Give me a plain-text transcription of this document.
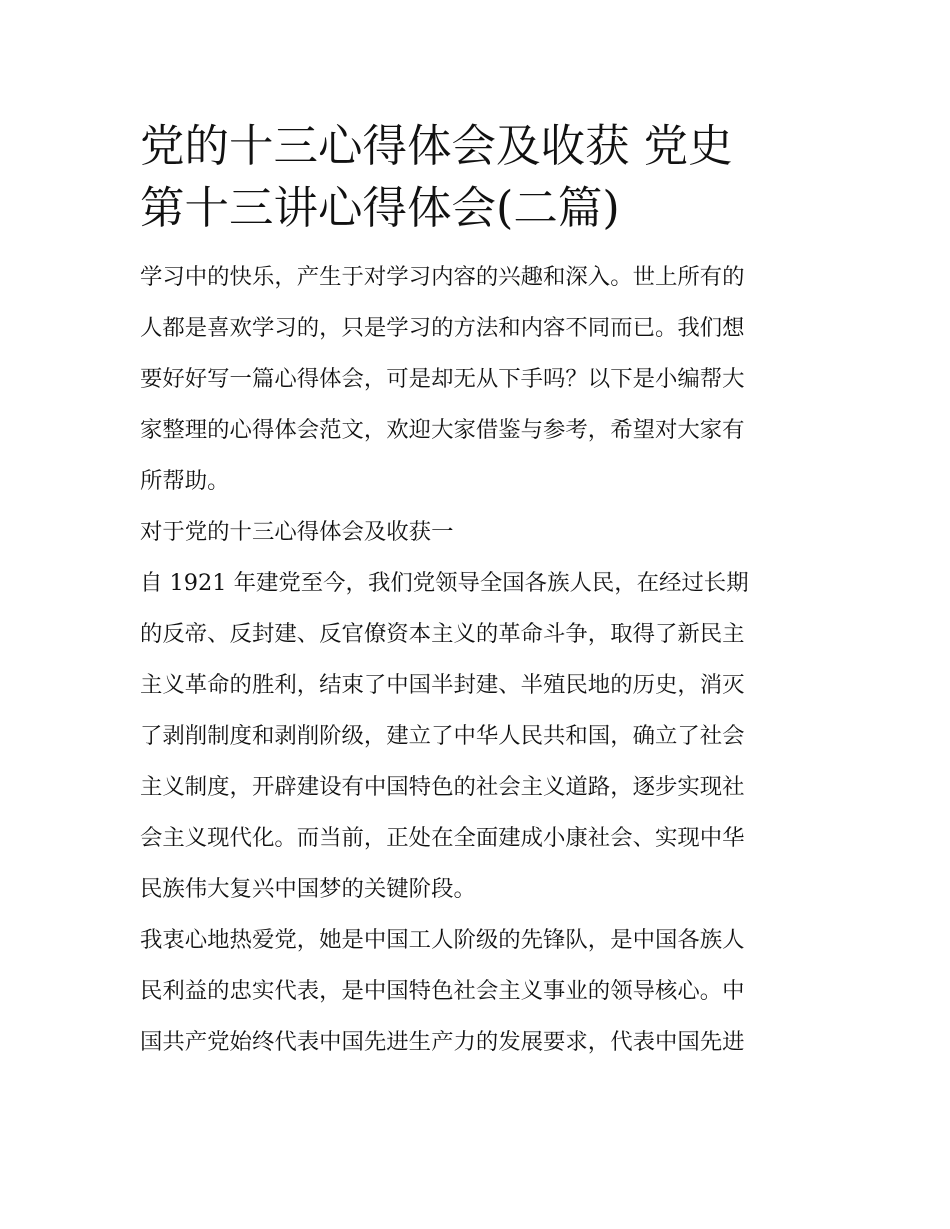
党的十三心得体会及收获 党史
第十三讲心得体会(二篇)

学习中的快乐，产生于对学习内容的兴趣和深入。世上所有的
人都是喜欢学习的，只是学习的方法和内容不同而已。我们想
要好好写一篇心得体会，可是却无从下手吗？以下是小编帮大
家整理的心得体会范文，欢迎大家借鉴与参考，希望对大家有
所帮助。

对于党的十三心得体会及收获一

自 1921 年建党至今，我们党领导全国各族人民，在经过长期
的反帝、反封建、反官僚资本主义的革命斗争，取得了新民主
主义革命的胜利，结束了中国半封建、半殖民地的历史，消灭
了剥削制度和剥削阶级，建立了中华人民共和国，确立了社会
主义制度，开辟建设有中国特色的社会主义道路，逐步实现社
会主义现代化。而当前，正处在全面建成小康社会、实现中华
民族伟大复兴中国梦的关键阶段。

我衷心地热爱党，她是中国工人阶级的先锋队，是中国各族人
民利益的忠实代表，是中国特色社会主义事业的领导核心。中
国共产党始终代表中国先进生产力的发展要求，代表中国先进
